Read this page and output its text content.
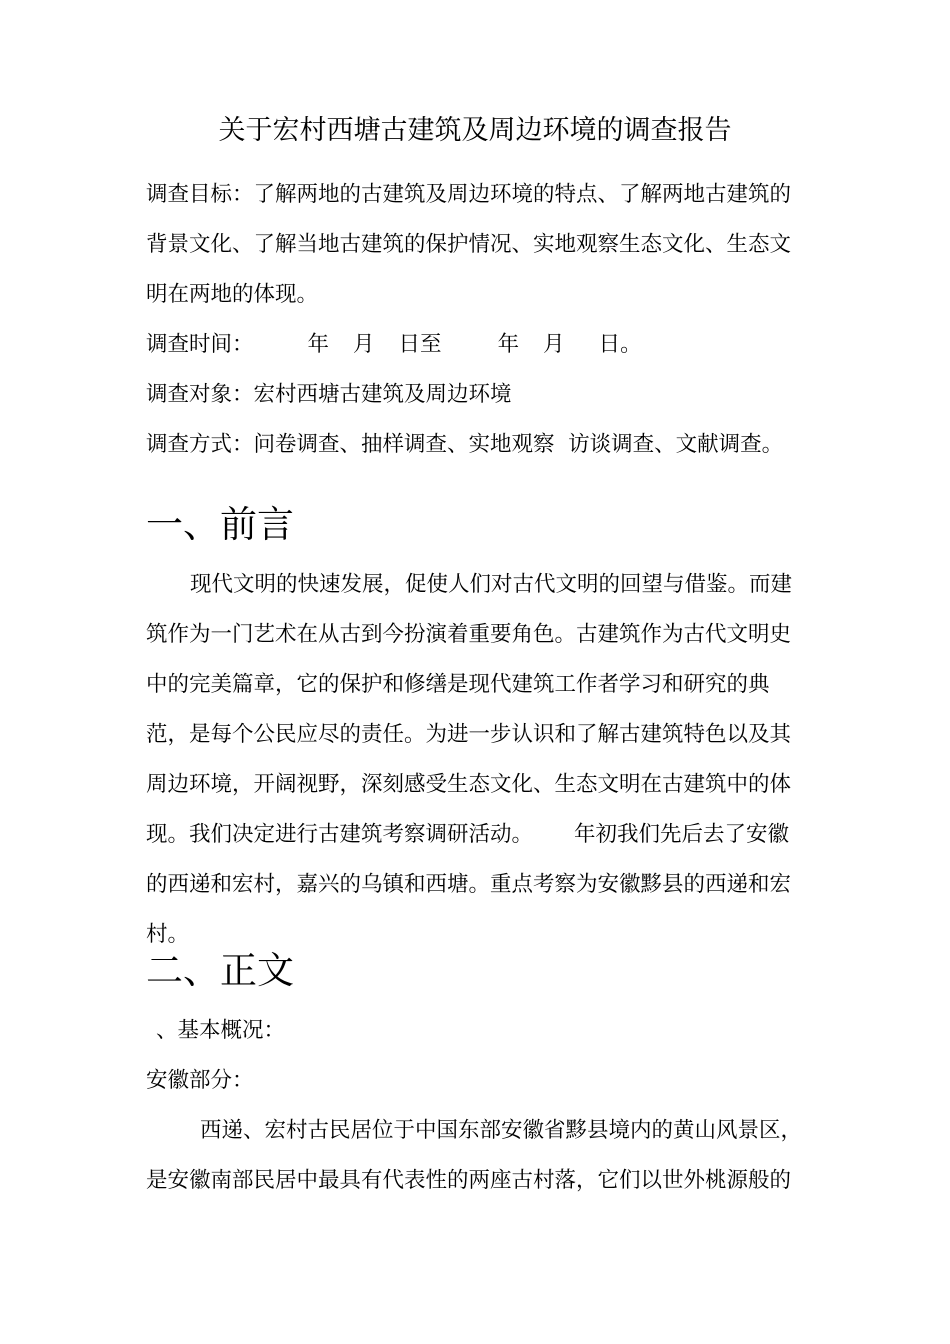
关于宏村西塘古建筑及周边环境的调查报告
调查目标：了解两地的古建筑及周边环境的特点、了解两地古建筑的
背景文化、了解当地古建筑的保护情况、实地观察生态文化、生态文
明在两地的体现。
调查时间：	年 月 日至	年 月 日。
调查对象：宏村西塘古建筑及周边环境
调查方式：问卷调查、抽样调查、实地观察  访谈调查、文献调查。
一、前言
现代文明的快速发展，促使人们对古代文明的回望与借鉴。而建
筑作为一门艺术在从古到今扮演着重要角色。古建筑作为古代文明史
中的完美篇章，它的保护和修缮是现代建筑工作者学习和研究的典
范，是每个公民应尽的责任。为进一步认识和了解古建筑特色以及其
周边环境，开阔视野，深刻感受生态文化、生态文明在古建筑中的体
现。我们决定进行古建筑考察调研活动。      年初我们先后去了安徽
的西递和宏村，嘉兴的乌镇和西塘。重点考察为安徽黟县的西递和宏
村。
二、正文
、基本概况：
安徽部分：
西递、宏村古民居位于中国东部安徽省黟县境内的黄山风景区，
是安徽南部民居中最具有代表性的两座古村落，它们以世外桃源般的
